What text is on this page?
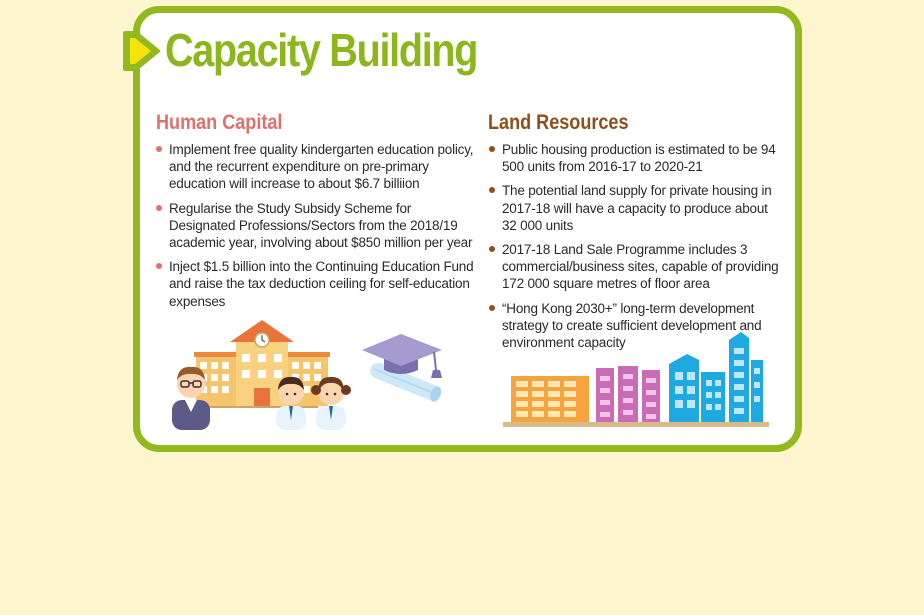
Capacity Building
Human Capital
Implement free quality kindergarten education policy, and the recurrent expenditure on pre-primary education will increase to about $6.7 billiion
Regularise the Study Subsidy Scheme for Designated Professions/Sectors from the 2018/19 academic year, involving about $850 million per year
Inject $1.5 billion into the Continuing Education Fund and raise the tax deduction ceiling for self-education expenses
Land Resources
Public housing production is estimated to be 94 500 units from 2016-17 to 2020-21
The potential land supply for private housing in 2017-18 will have a capacity to produce about 32 000 units
2017-18 Land Sale Programme includes 3 commercial/business sites, capable of providing 172 000 square metres of floor area
“Hong Kong 2030+” long-term development strategy to create sufficient development and environment capacity
